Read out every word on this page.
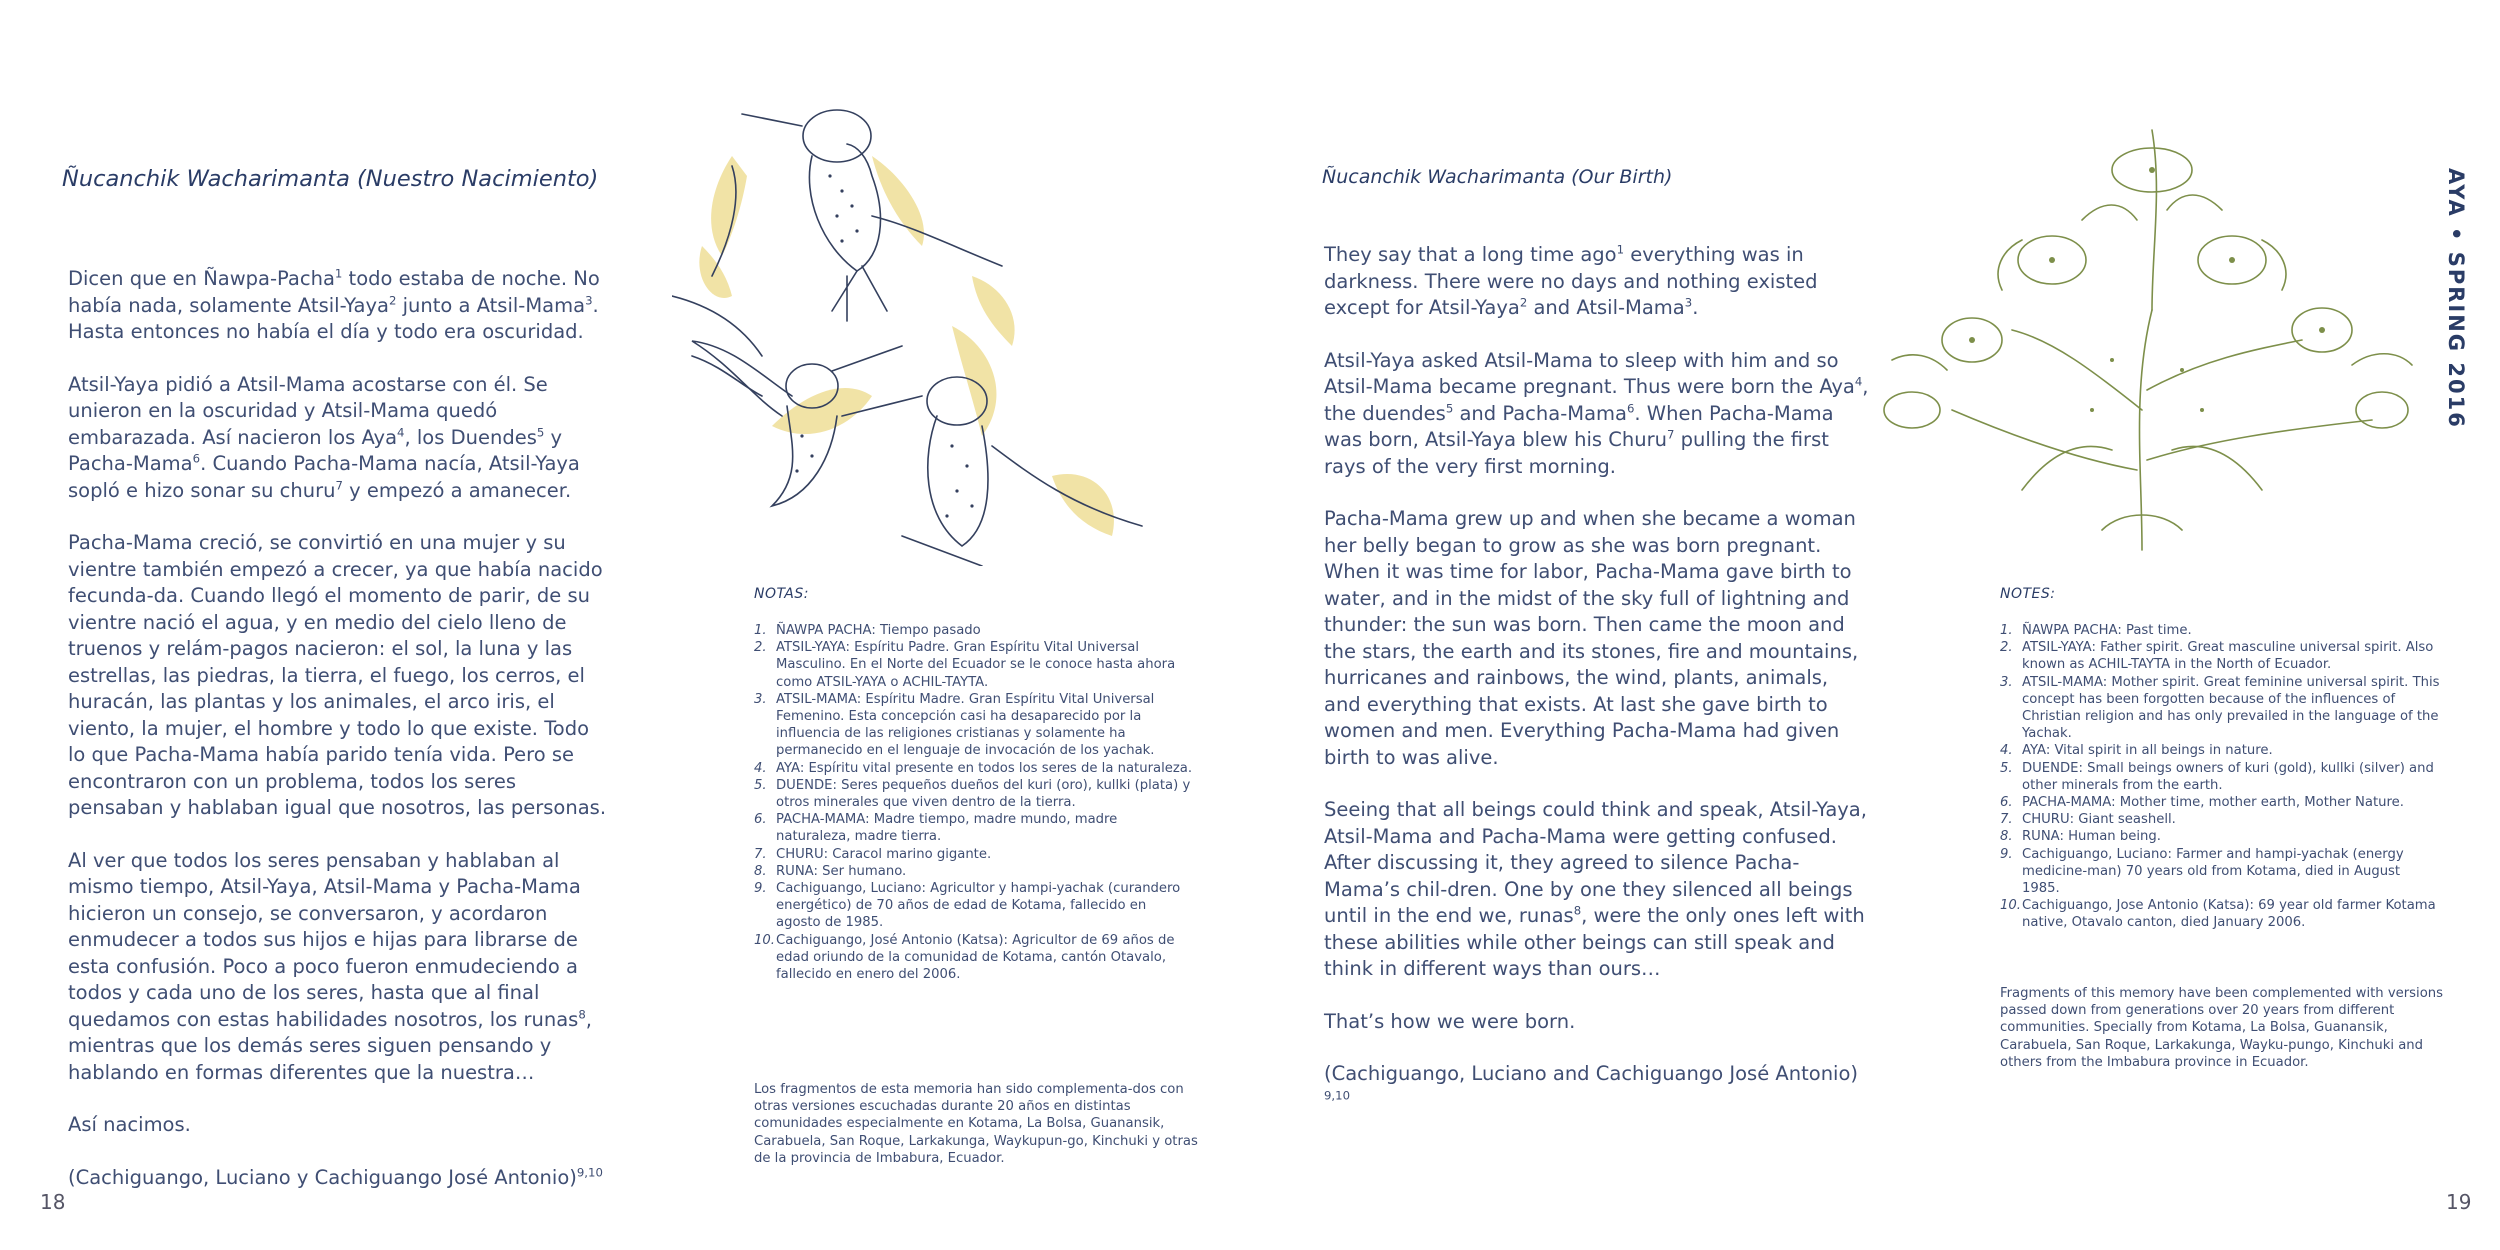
Ñucanchik Wacharimanta (Nuestro Nacimiento)

Dicen que en Ñawpa-Pacha$^1$ todo estaba de noche. No había nada, solamente Atsil-Yaya$^2$ junto a Atsil-Mama$^3$. Hasta entonces no había el día y todo era oscuridad.

Atsil-Yaya pidió a Atsil-Mama acostarse con él. Se unieron en la oscuridad y Atsil-Mama quedó embarazada. Así nacieron los Aya$^4$, los Duendes$^5$ y Pacha-Mama$^6$. Cuando Pacha-Mama nacía, Atsil-Yaya sopló e hizo sonar su churu$^7$ y empezó a amanecer.

Pacha-Mama creció, se convirtió en una mujer y su vientre también empezó a crecer, ya que había nacido fecunda-da. Cuando llegó el momento de parir, de su vientre nació el agua, y en medio del cielo lleno de truenos y relám-pagos nacieron: el sol, la luna y las estrellas, las piedras, la tierra, el fuego, los cerros, el huracán, las plantas y los animales, el arco iris, el viento, la mujer, el hombre y todo lo que existe. Todo lo que Pacha-Mama había parido tenía vida. Pero se encontraron con un problema, todos los seres pensaban y hablaban igual que nosotros, las personas.

Al ver que todos los seres pensaban y hablaban al mismo tiempo, Atsil-Yaya, Atsil-Mama y Pacha-Mama hicieron un consejo, se conversaron, y acordaron enmudecer a todos sus hijos e hijas para librarse de esta confusión. Poco a poco fueron enmudeciendo a todos y cada uno de los seres, hasta que al final quedamos con estas habilidades nosotros, los runas$^8$, mientras que los demás seres siguen pensando y hablando en formas diferentes que la nuestra…

Así nacimos.

(Cachiguango, Luciano y Cachiguango José Antonio)$^{9,10}$

NOTAS:
1. ÑAWPA PACHA: Tiempo pasado
2. ATSIL-YAYA: Espíritu Padre. Gran Espíritu Vital Universal Masculino. En el Norte del Ecuador se le conoce hasta ahora como ATSIL-YAYA o ACHIL-TAYTA.
3. ATSIL-MAMA: Espíritu Madre. Gran Espíritu Vital Universal Femenino. Esta concepción casi ha desaparecido por la influencia de las religiones cristianas y solamente ha permanecido en el lenguaje de invocación de los yachak.
4. AYA: Espíritu vital presente en todos los seres de la naturaleza.
5. DUENDE: Seres pequeños dueños del kuri (oro), kullki (plata) y otros minerales que viven dentro de la tierra.
6. PACHA-MAMA: Madre tiempo, madre mundo, madre naturaleza, madre tierra.
7. CHURU: Caracol marino gigante.
8. RUNA: Ser humano.
9. Cachiguango, Luciano: Agricultor y hampi-yachak (curandero energético) de 70 años de edad de Kotama, fallecido en agosto de 1985.
10. Cachiguango, José Antonio (Katsa): Agricultor de 69 años de edad oriundo de la comunidad de Kotama, cantón Otavalo, fallecido en enero del 2006.

Los fragmentos de esta memoria han sido complementa-dos con otras versiones escuchadas durante 20 años en distintas comunidades especialmente en Kotama, La Bolsa, Guanansik, Carabuela, San Roque, Larkakunga, Waykupun-go, Kinchuki y otras de la provincia de Imbabura, Ecuador.

18
Ñucanchik Wacharimanta (Our Birth)

They say that a long time ago$^1$ everything was in darkness. There were no days and nothing existed except for Atsil-Yaya$^2$ and Atsil-Mama$^3$.

Atsil-Yaya asked Atsil-Mama to sleep with him and so Atsil-Mama became pregnant. Thus were born the Aya$^4$, the duendes$^5$ and Pacha-Mama$^6$. When Pacha-Mama was born, Atsil-Yaya blew his Churu$^7$ pulling the first rays of the very first morning.

Pacha-Mama grew up and when she became a woman her belly began to grow as she was born pregnant. When it was time for labor, Pacha-Mama gave birth to water, and in the midst of the sky full of lightning and thunder: the sun was born. Then came the moon and the stars, the earth and its stones, fire and mountains, hurricanes and rainbows, the wind, plants, animals, and everything that exists. At last she gave birth to women and men. Everything Pacha-Mama had given birth to was alive.

Seeing that all beings could think and speak, Atsil-Yaya, Atsil-Mama and Pacha-Mama were getting confused. After discussing it, they agreed to silence Pacha-Mama’s chil-dren. One by one they silenced all beings until in the end we, runas$^8$, were the only ones left with these abilities while other beings can still speak and think in different ways than ours…

That’s how we were born.

(Cachiguango, Luciano and Cachiguango José Antonio) $^{9,10}$

NOTES:
1. ÑAWPA PACHA: Past time.
2. ATSIL-YAYA: Father spirit. Great masculine universal spirit. Also known as ACHIL-TAYTA in the North of Ecuador.
3. ATSIL-MAMA: Mother spirit. Great feminine universal spirit. This concept has been forgotten because of the influences of Christian religion and has only prevailed in the language of the Yachak.
4. AYA: Vital spirit in all beings in nature.
5. DUENDE: Small beings owners of kuri (gold), kullki (silver) and other minerals from the earth.
6. PACHA-MAMA: Mother time, mother earth, Mother Nature.
7. CHURU: Giant seashell.
8. RUNA: Human being.
9. Cachiguango, Luciano: Farmer and hampi-yachak (energy medicine-man) 70 years old from Kotama, died in August 1985.
10. Cachiguango, Jose Antonio (Katsa): 69 year old farmer Kotama native, Otavalo canton, died January 2006.

Fragments of this memory have been complemented with versions passed down from generations over 20 years from different communities. Specially from Kotama, La Bolsa, Guanansik, Carabuela, San Roque, Larkakunga, Wayku-pungo, Kinchuki and others from the Imbabura province in Ecuador.

AYA • SPRING 2016
19
